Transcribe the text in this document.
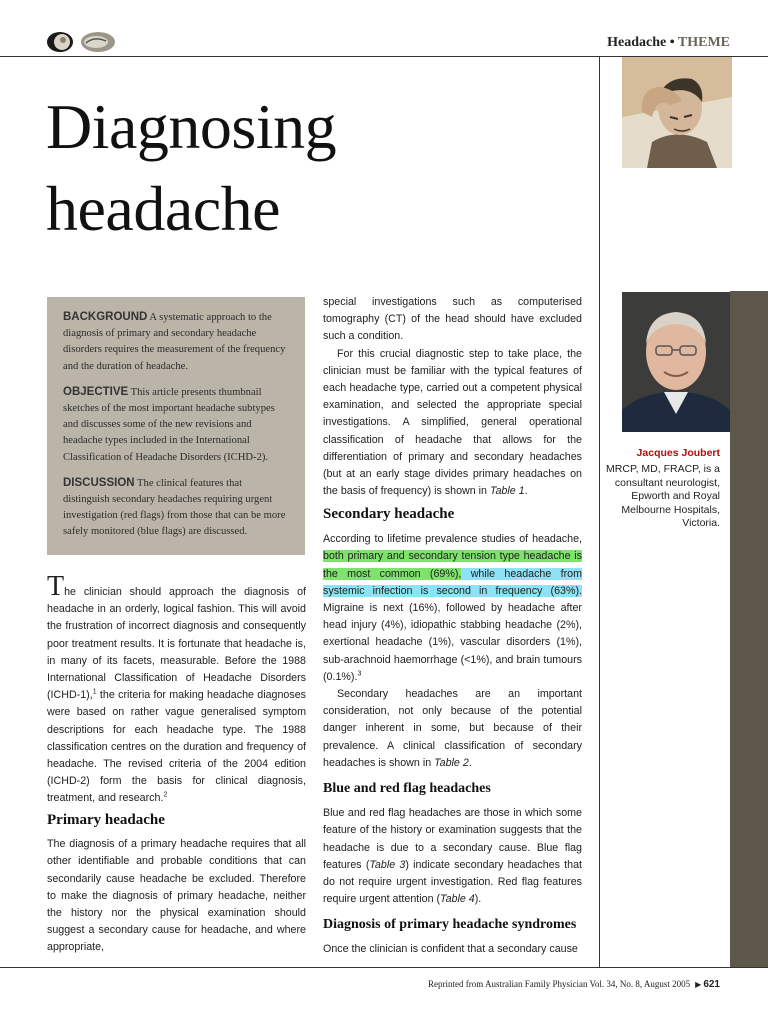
Headache • THEME
Diagnosing
headache

BACKGROUND A systematic approach to the diagnosis of primary and secondary headache disorders requires the measurement of the frequency and the duration of headache.

OBJECTIVE This article presents thumbnail sketches of the most important headache subtypes and discusses some of the new revisions and headache types included in the International Classification of Headache Disorders (ICHD-2).

DISCUSSION The clinical features that distinguish secondary headaches requiring urgent investigation (red flags) from those that can be more safely monitored (blue flags) are discussed.

The clinician should approach the diagnosis of headache in an orderly, logical fashion. This will avoid the frustration of incorrect diagnosis and consequently poor treatment results. It is fortunate that headache is, in many of its facets, measurable. Before the 1988 International Classification of Headache Disorders (ICHD-1),$^1$ the criteria for making headache diagnoses were based on rather vague generalised symptom descriptions for each headache type. The 1988 classification centres on the duration and frequency of headache. The revised criteria of the 2004 edition (ICHD-2) form the basis for clinical diagnosis, treatment, and research.$^2$

Primary headache

The diagnosis of a primary headache requires that all other identifiable and probable conditions that can secondarily cause headache be excluded. Therefore to make the diagnosis of primary headache, neither the history nor the physical examination should suggest a secondary cause for headache, and where appropriate,

special investigations such as computerised tomography (CT) of the head should have excluded such a condition.

For this crucial diagnostic step to take place, the clinician must be familiar with the typical features of each headache type, carried out a competent physical examination, and selected the appropriate special investigations. A simplified, general operational classification of headache that allows for the differentiation of primary and secondary headaches (but at an early stage divides primary headaches on the basis of frequency) is shown in Table 1.

Secondary headache

According to lifetime prevalence studies of headache, both primary and secondary tension type headache is the most common (69%), while headache from systemic infection is second in frequency (63%). Migraine is next (16%), followed by headache after head injury (4%), idiopathic stabbing headache (2%), exertional headache (1%), vascular disorders (1%), sub-arachnoid haemorrhage (<1%), and brain tumours (0.1%).$^3$

Secondary headaches are an important consideration, not only because of the potential danger inherent in some, but because of their prevalence. A clinical classification of secondary headaches is shown in Table 2.

Blue and red flag headaches

Blue and red flag headaches are those in which some feature of the history or examination suggests that the headache is due to a secondary cause. Blue flag features (Table 3) indicate secondary headaches that do not require urgent investigation. Red flag features require urgent attention (Table 4).

Diagnosis of primary headache syndromes

Once the clinician is confident that a secondary cause

Jacques Joubert
MRCP, MD, FRACP, is a consultant neurologist, Epworth and Royal Melbourne Hospitals, Victoria.
Reprinted from Australian Family Physician Vol. 34, No. 8, August 2005 ▶ 621
